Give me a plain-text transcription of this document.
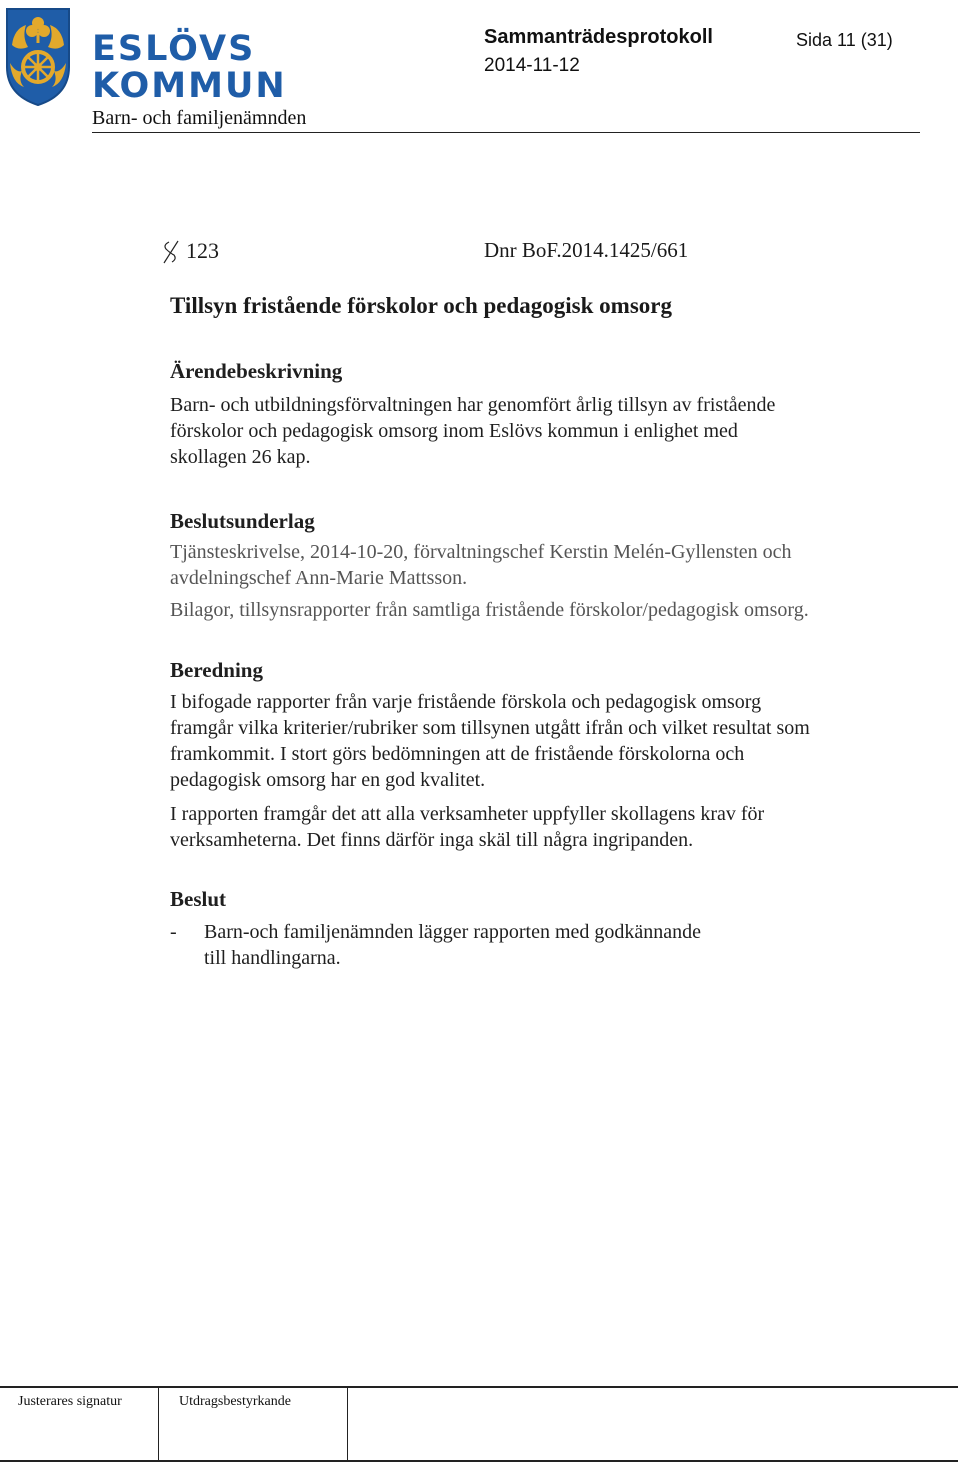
ESLÖVS
KOMMUN
Barn- och familjenämnden
Sammanträdesprotokoll	Sida 11 (31)
2014-11-12
123	Dnr BoF.2014.1425/661
Tillsyn fristående förskolor och pedagogisk omsorg
Ärendebeskrivning
Barn- och utbildningsförvaltningen har genomfört årlig tillsyn av fristående
förskolor och pedagogisk omsorg inom Eslövs kommun i enlighet med
skollagen 26 kap.
Beslutsunderlag
Tjänsteskrivelse, 2014-10-20, förvaltningschef Kerstin Melén-Gyllensten och
avdelningschef Ann-Marie Mattsson.
Bilagor, tillsynsrapporter från samtliga fristående förskolor/pedagogisk omsorg.
Beredning
I bifogade rapporter från varje fristående förskola och pedagogisk omsorg
framgår vilka kriterier/rubriker som tillsynen utgått ifrån och vilket resultat som
framkommit. I stort görs bedömningen att de fristående förskolorna och
pedagogisk omsorg har en god kvalitet.
I rapporten framgår det att alla verksamheter uppfyller skollagens krav för
verksamheterna. Det finns därför inga skäl till några ingripanden.
Beslut
- Barn-och familjenämnden lägger rapporten med godkännande
till handlingarna.
Justerares signatur	Utdragsbestyrkande
